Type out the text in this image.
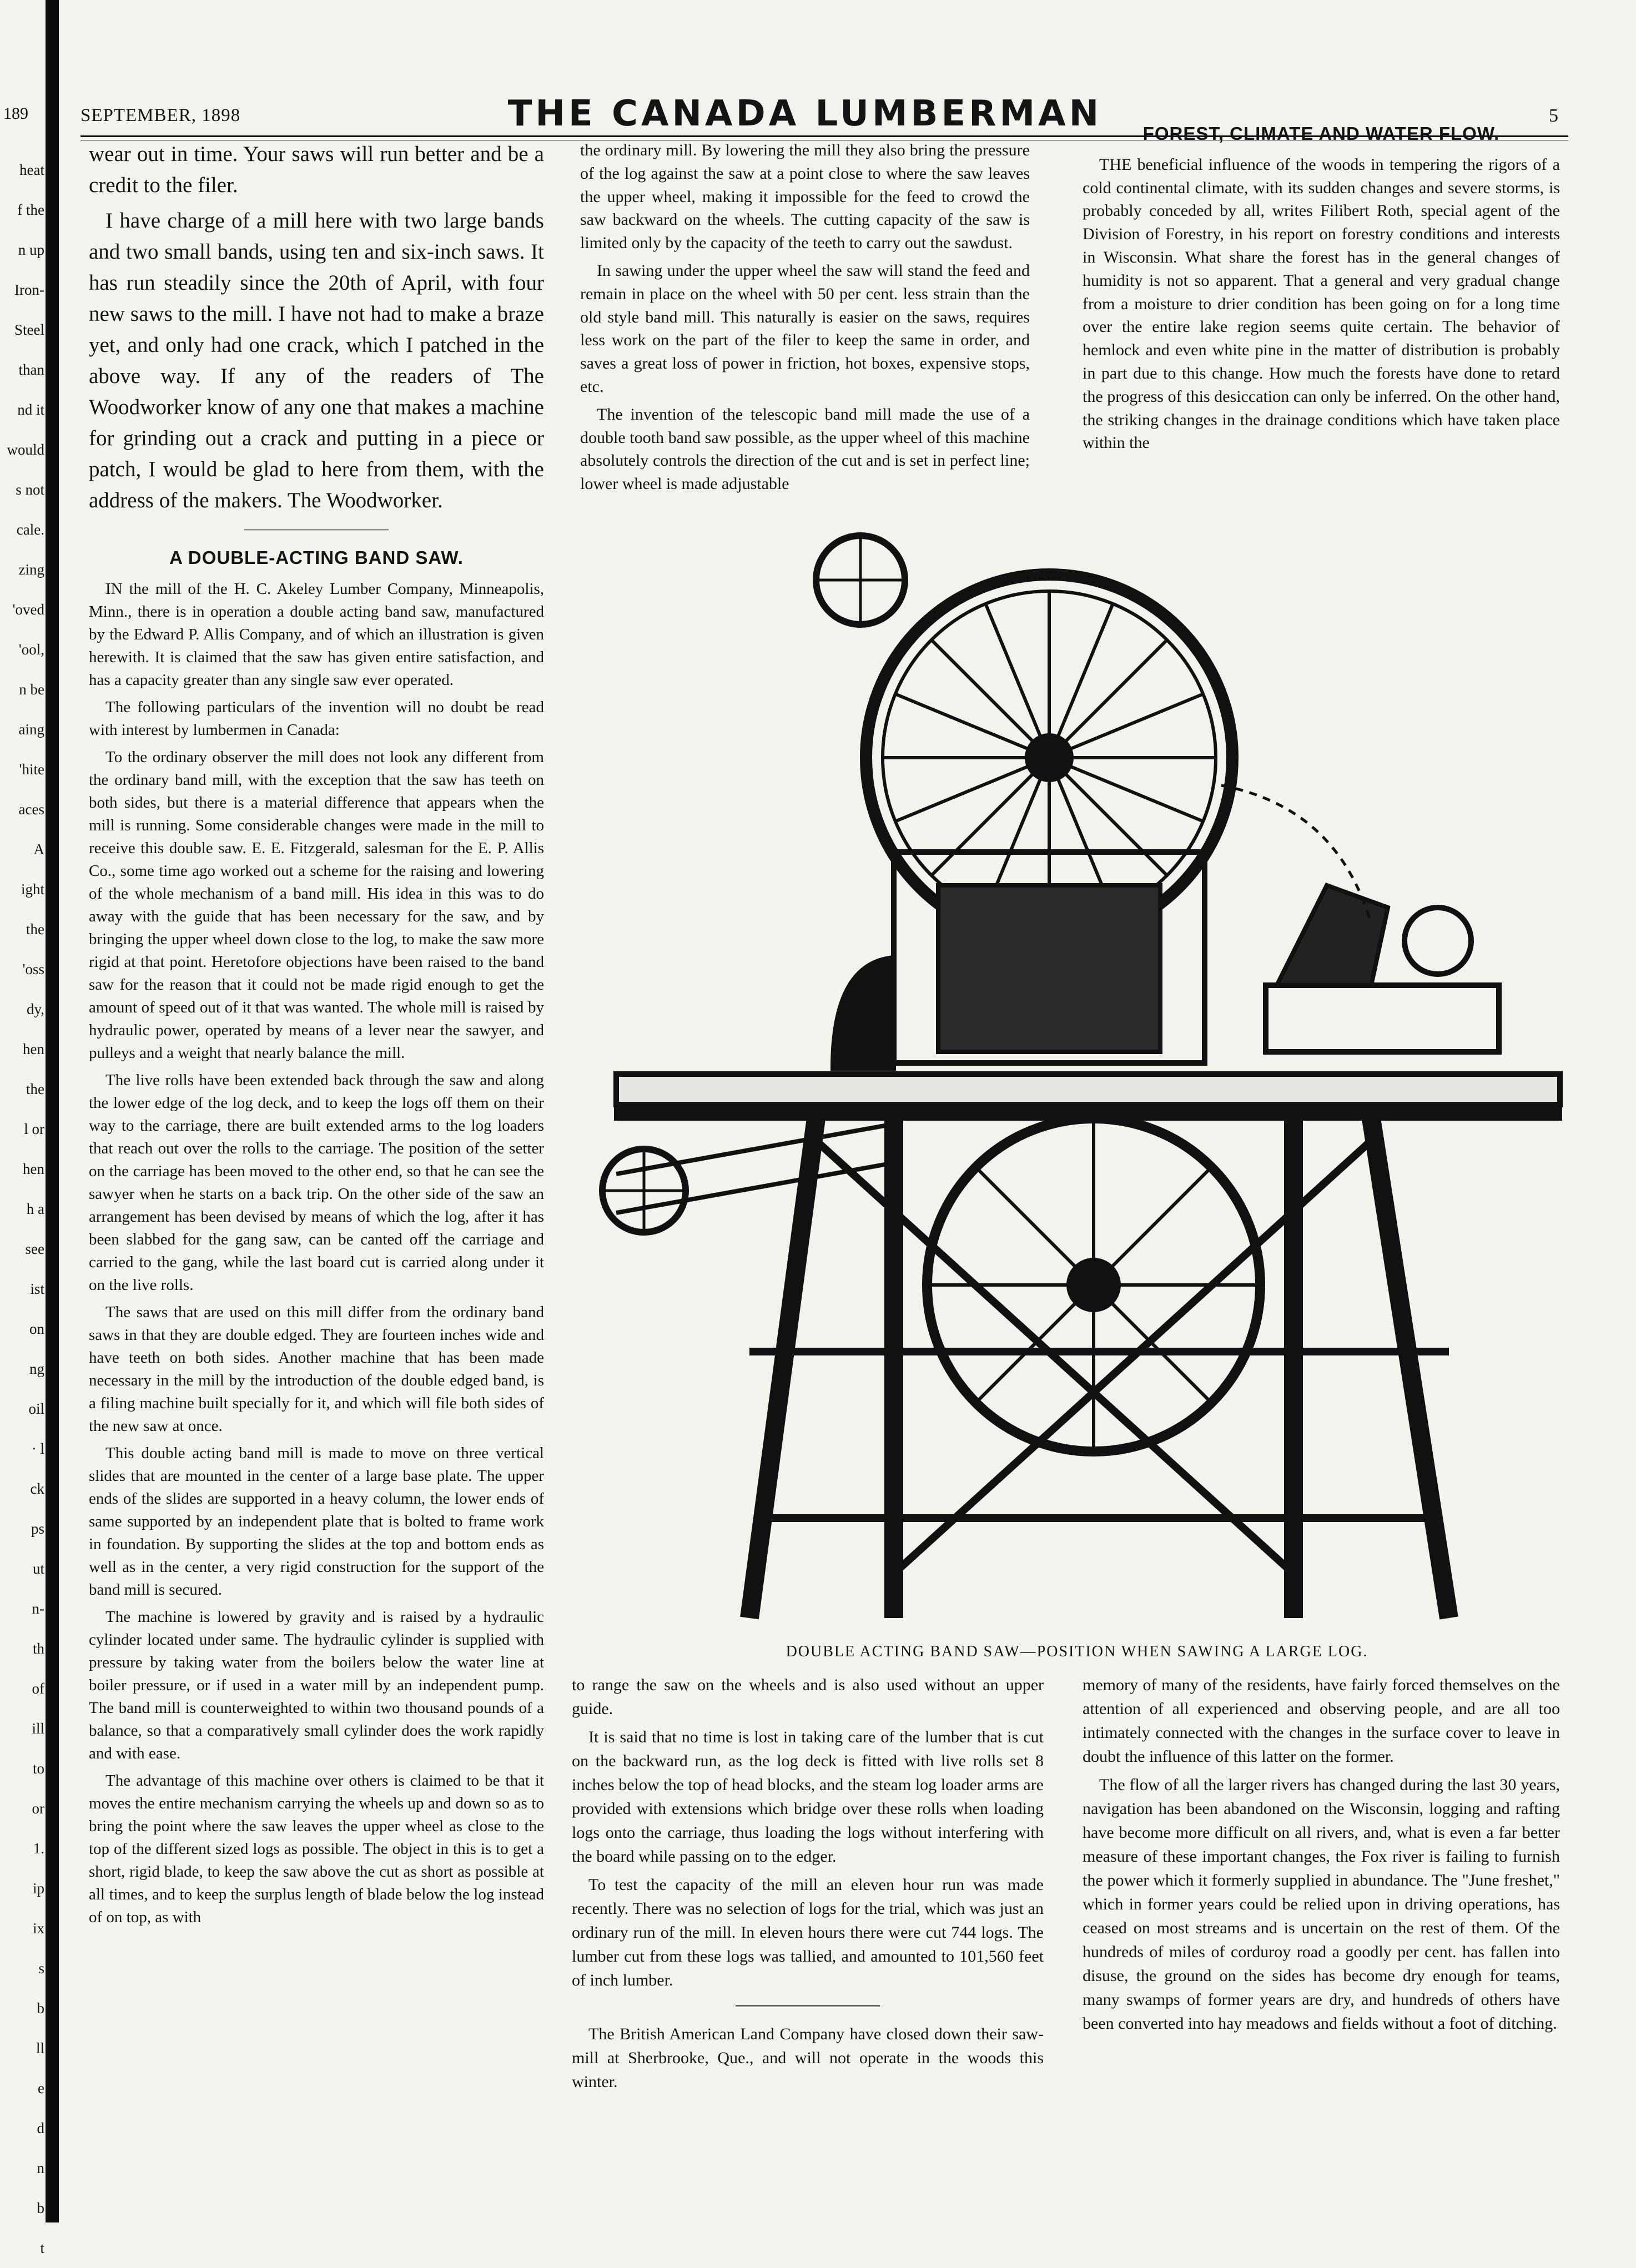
189
heat
f the
n up
Iron-
Steel
than
nd it
would
s not
cale.
zing
'oved
'ool,
n be
aing
'hite
aces
A
ight
the
'oss
dy,
hen
the
l or
hen
h a
see
ist
on
ng
oil
· l
ck
ps
ut
n-
th
of
ill
to
or
1.
ip
ix
s
b
ll
e
d
n
b
t
SEPTEMBER, 1898	THE CANADA LUMBERMAN	5

wear out in time. Your saws will run better and be a credit to the filer.

I have charge of a mill here with two large bands and two small bands, using ten and six-inch saws. It has run steadily since the 20th of April, with four new saws to the mill. I have not had to make a braze yet, and only had one crack, which I patched in the above way. If any of the readers of The Woodworker know of any one that makes a machine for grinding out a crack and putting in a piece or patch, I would be glad to here from them, with the address of the makers. The Woodworker.

A DOUBLE-ACTING BAND SAW.

IN the mill of the H. C. Akeley Lumber Company, Minneapolis, Minn., there is in operation a double acting band saw, manufactured by the Edward P. Allis Company, and of which an illustration is given herewith. It is claimed that the saw has given entire satisfaction, and has a capacity greater than any single saw ever operated.

The following particulars of the invention will no doubt be read with interest by lumbermen in Canada:

To the ordinary observer the mill does not look any different from the ordinary band mill, with the exception that the saw has teeth on both sides, but there is a material difference that appears when the mill is running. Some considerable changes were made in the mill to receive this double saw. E. E. Fitzgerald, salesman for the E. P. Allis Co., some time ago worked out a scheme for the raising and lowering of the whole mechanism of a band mill. His idea in this was to do away with the guide that has been necessary for the saw, and by bringing the upper wheel down close to the log, to make the saw more rigid at that point. Heretofore objections have been raised to the band saw for the reason that it could not be made rigid enough to get the amount of speed out of it that was wanted. The whole mill is raised by hydraulic power, operated by means of a lever near the sawyer, and pulleys and a weight that nearly balance the mill.

The live rolls have been extended back through the saw and along the lower edge of the log deck, and to keep the logs off them on their way to the carriage, there are built extended arms to the log loaders that reach out over the rolls to the carriage. The position of the setter on the carriage has been moved to the other end, so that he can see the sawyer when he starts on a back trip. On the other side of the saw an arrangement has been devised by means of which the log, after it has been slabbed for the gang saw, can be canted off the carriage and carried to the gang, while the last board cut is carried along under it on the live rolls.

The saws that are used on this mill differ from the ordinary band saws in that they are double edged. They are fourteen inches wide and have teeth on both sides. Another machine that has been made necessary in the mill by the introduction of the double edged band, is a filing machine built specially for it, and which will file both sides of the new saw at once.

This double acting band mill is made to move on three vertical slides that are mounted in the center of a large base plate. The upper ends of the slides are supported in a heavy column, the lower ends of same supported by an independent plate that is bolted to frame work in foundation. By supporting the slides at the top and bottom ends as well as in the center, a very rigid construction for the support of the band mill is secured.

The machine is lowered by gravity and is raised by a hydraulic cylinder located under same. The hydraulic cylinder is supplied with pressure by taking water from the boilers below the water line at boiler pressure, or if used in a water mill by an independent pump. The band mill is counterweighted to within two thousand pounds of a balance, so that a comparatively small cylinder does the work rapidly and with ease.

The advantage of this machine over others is claimed to be that it moves the entire mechanism carrying the wheels up and down so as to bring the point where the saw leaves the upper wheel as close to the top of the different sized logs as possible. The object in this is to get a short, rigid blade, to keep the saw above the cut as short as possible at all times, and to keep the surplus length of blade below the log instead of on top, as with

the ordinary mill. By lowering the mill they also bring the pressure of the log against the saw at a point close to where the saw leaves the upper wheel, making it impossible for the feed to crowd the saw backward on the wheels. The cutting capacity of the saw is limited only by the capacity of the teeth to carry out the sawdust.

In sawing under the upper wheel the saw will stand the feed and remain in place on the wheel with 50 per cent. less strain than the old style band mill. This naturally is easier on the saws, requires less work on the part of the filer to keep the same in order, and saves a great loss of power in friction, hot boxes, expensive stops, etc.

The invention of the telescopic band mill made the use of a double tooth band saw possible, as the upper wheel of this machine absolutely controls the direction of the cut and is set in perfect line; lower wheel is made adjustable

FOREST, CLIMATE AND WATER FLOW.

THE beneficial influence of the woods in tempering the rigors of a cold continental climate, with its sudden changes and severe storms, is probably conceded by all, writes Filibert Roth, special agent of the Division of Forestry, in his report on forestry conditions and interests in Wisconsin. What share the forest has in the general changes of humidity is not so apparent. That a general and very gradual change from a moisture to drier condition has been going on for a long time over the entire lake region seems quite certain. The behavior of hemlock and even white pine in the matter of distribution is probably in part due to this change. How much the forests have done to retard the progress of this desiccation can only be inferred. On the other hand, the striking changes in the drainage conditions which have taken place within the

DOUBLE ACTING BAND SAW—POSITION WHEN SAWING A LARGE LOG.

to range the saw on the wheels and is also used without an upper guide.

It is said that no time is lost in taking care of the lumber that is cut on the backward run, as the log deck is fitted with live rolls set 8 inches below the top of head blocks, and the steam log loader arms are provided with extensions which bridge over these rolls when loading logs onto the carriage, thus loading the logs without interfering with the board while passing on to the edger.

To test the capacity of the mill an eleven hour run was made recently. There was no selection of logs for the trial, which was just an ordinary run of the mill. In eleven hours there were cut 744 logs. The lumber cut from these logs was tallied, and amounted to 101,560 feet of inch lumber.

The British American Land Company have closed down their saw-mill at Sherbrooke, Que., and will not operate in the woods this winter.

memory of many of the residents, have fairly forced themselves on the attention of all experienced and observing people, and are all too intimately connected with the changes in the surface cover to leave in doubt the influence of this latter on the former.

The flow of all the larger rivers has changed during the last 30 years, navigation has been abandoned on the Wisconsin, logging and rafting have become more difficult on all rivers, and, what is even a far better measure of these important changes, the Fox river is failing to furnish the power which it formerly supplied in abundance. The "June freshet," which in former years could be relied upon in driving operations, has ceased on most streams and is uncertain on the rest of them. Of the hundreds of miles of corduroy road a goodly per cent. has fallen into disuse, the ground on the sides has become dry enough for teams, many swamps of former years are dry, and hundreds of others have been converted into hay meadows and fields without a foot of ditching.
